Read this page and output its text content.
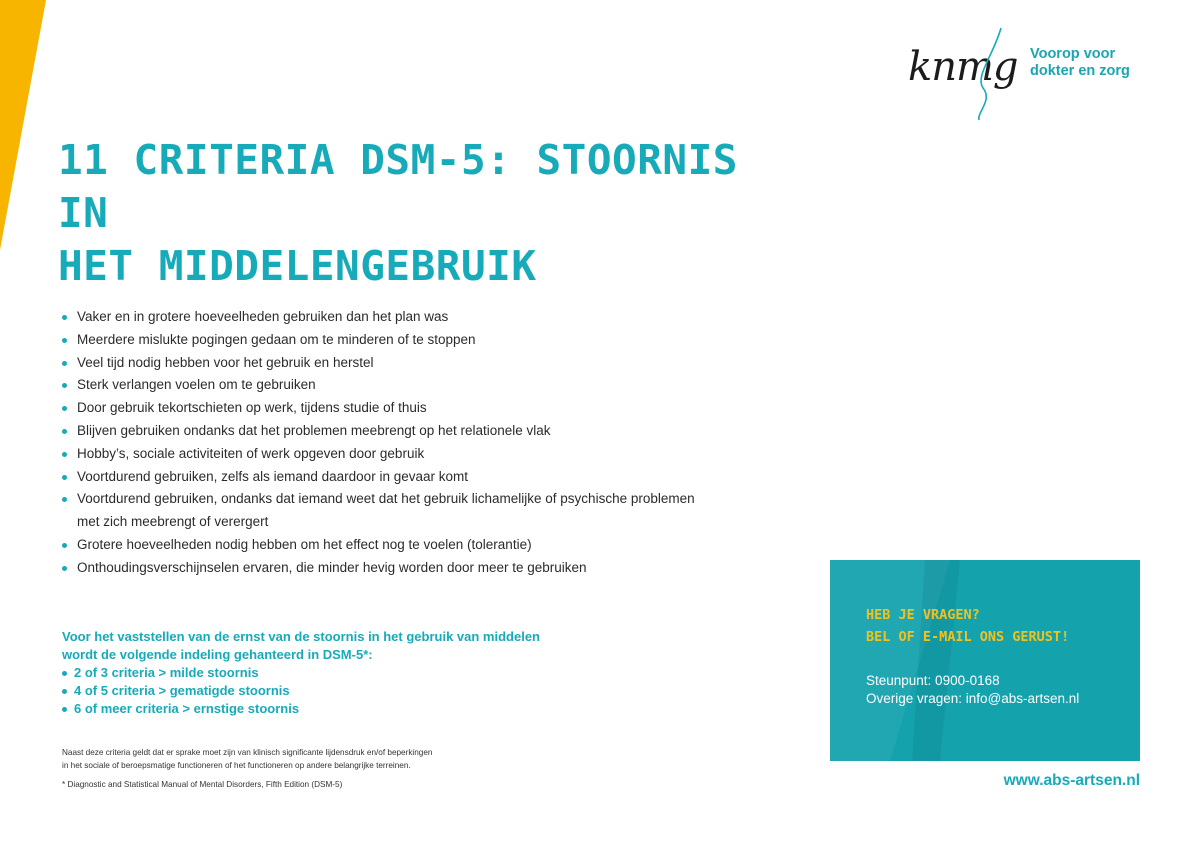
knmg Voorop voor
dokter en zorg
11 CRITERIA DSM-5: STOORNIS IN
HET MIDDELENGEBRUIK
Vaker en in grotere hoeveelheden gebruiken dan het plan was
Meerdere mislukte pogingen gedaan om te minderen of te stoppen
Veel tijd nodig hebben voor het gebruik en herstel
Sterk verlangen voelen om te gebruiken
Door gebruik tekortschieten op werk, tijdens studie of thuis
Blijven gebruiken ondanks dat het problemen meebrengt op het relationele vlak
Hobby’s, sociale activiteiten of werk opgeven door gebruik
Voortdurend gebruiken, zelfs als iemand daardoor in gevaar komt
Voortdurend gebruiken, ondanks dat iemand weet dat het gebruik lichamelijke of psychische problemen met zich meebrengt of verergert
Grotere hoeveelheden nodig hebben om het effect nog te voelen (tolerantie)
Onthoudingsverschijnselen ervaren, die minder hevig worden door meer te gebruiken

Voor het vaststellen van de ernst van de stoornis in het gebruik van middelen

wordt de volgende indeling gehanteerd in DSM-5*:

2 of 3 criteria > milde stoornis
4 of 5 criteria > gematigde stoornis
6 of meer criteria > ernstige stoornis

Naast deze criteria geldt dat er sprake moet zijn van klinisch significante lijdensdruk en/of beperkingen
in het sociale of beroepsmatige functioneren of het functioneren op andere belangrijke terreinen.

* Diagnostic and Statistical Manual of Mental Disorders, Fifth Edition (DSM-5)

HEB JE VRAGEN?
BEL OF E-MAIL ONS GERUST!
Steunpunt: 0900-0168
Overige vragen: info@abs-artsen.nl
www.abs-artsen.nl
